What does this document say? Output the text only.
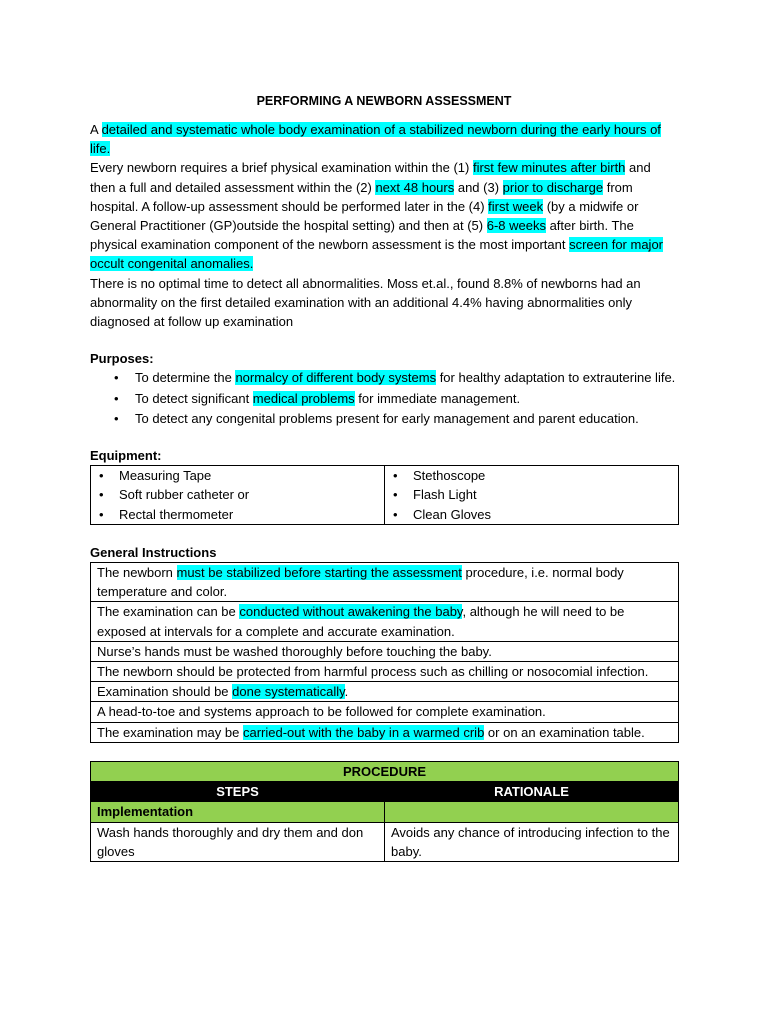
PERFORMING A NEWBORN ASSESSMENT

A detailed and systematic whole body examination of a stabilized newborn during the early hours of life.

Every newborn requires a brief physical examination within the (1) first few minutes after birth and then a full and detailed assessment within the (2) next 48 hours and (3) prior to discharge from hospital. A follow-up assessment should be performed later in the (4) first week (by a midwife or General Practitioner (GP)outside the hospital setting) and then at (5) 6-8 weeks after birth. The physical examination component of the newborn assessment is the most important screen for major occult congenital anomalies.

There is no optimal time to detect all abnormalities. Moss et.al., found 8.8% of newborns had an abnormality on the first detailed examination with an additional 4.4% having abnormalities only diagnosed at follow up examination

Purposes:
• To determine the normalcy of different body systems for healthy adaptation to extrauterine life.
• To detect significant medical problems for immediate management.
• To detect any congenital problems present for early management and parent education.
Equipment:
• Measuring Tape
• Soft rubber catheter or
• Rectal thermometer

• Stethoscope
• Flash Light
• Clean Gloves
General Instructions
The newborn must be stabilized before starting the assessment procedure, i.e. normal body temperature and color.
The examination can be conducted without awakening the baby, although he will need to be exposed at intervals for a complete and accurate examination.
Nurse’s hands must be washed thoroughly before touching the baby.
The newborn should be protected from harmful process such as chilling or nosocomial infection.
Examination should be done systematically.
A head-to-toe and systems approach to be followed for complete examination.
The examination may be carried-out with the baby in a warmed crib or on an examination table.
PROCEDURE	
STEPS	RATIONALE
Implementation	
Wash hands thoroughly and dry them and don gloves	Avoids any chance of introducing infection to the baby.
